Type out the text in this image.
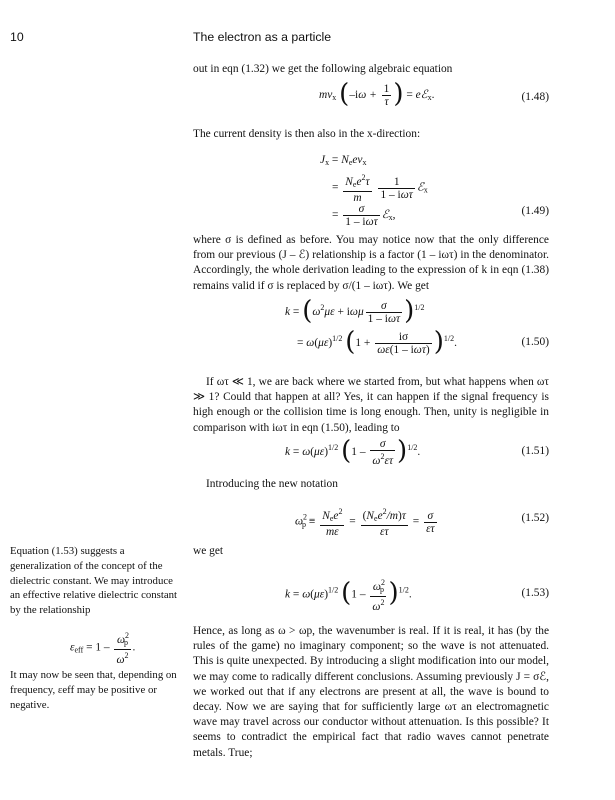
10	The electron as a particle

out in eqn (1.32) we get the following algebraic equation

mvx ($-i\omega + \frac{1}{\tau}$ ) = eℰx.	(1.48)

The current density is then also in the x-direction:

Jx = Neevx
= $\frac{Nee^2\tau}{m}$
$\frac{1}{\text{1 – iωτ}}$ ℰx
= $\frac{\sigma}{\text{1 – iωτ}}$ ℰx,	(1.49)

where σ is defined as before. You may notice now that the only difference from our previous (J – ℰ) relationship is a factor (1 – iωτ) in the denominator. Accordingly, the whole derivation leading to the expression of k in eqn (1.38) remains valid if σ is replaced by σ/(1 – iωτ). We get

$k = (\omega^2\mu\varepsilon + i\omega\mu \frac{\sigma}{\text{1 – iωτ}} )^{1/2}$
= $\omega(\mu\varepsilon)^{1/2}$ $(1 + \frac{i\sigma}{\text{ωε(1 – iωτ)}} )^{1/2}$.	(1.50)

If ωτ ≪ 1, we are back where we started from, but what happens when ωτ ≫ 1? Could that happen at all? Yes, it can happen if the signal frequency is high enough or the collision time is long enough. Then, unity is negligible in comparison with iωτ in eqn (1.50), leading to

$k = \omega(\mu\varepsilon)^{1/2}$ $(1 - \frac{\sigma}{\omega^2\varepsilon\tau} )^{1/2}$.	(1.51)

Introducing the new notation

$\omega^2p \equiv \frac{Nee^2}{m\varepsilon} = \frac{(Nee^2/m)\tau}{\varepsilon\tau} = \frac{\sigma}{\varepsilon\tau}$	(1.52)

we get

$k = \omega(\mu\varepsilon)^{1/2}$ $(1 - \frac{\omega^2p}{\omega^2} )^{1/2}$.	(1.53)

Hence, as long as ω > ωp, the wavenumber is real. If it is real, it has (by the rules of the game) no imaginary component; so the wave is not attenuated. This is quite unexpected. By introducing a slight modification into our model, we may come to radically different conclusions. Assuming previously J = σℰ, we worked out that if any electrons are present at all, the wave is bound to decay. Now we are saying that for sufficiently large ωτ an electromagnetic wave may travel across our conductor without attenuation. Is this possible? It seems to contradict the empirical fact that radio waves cannot penetrate metals. True;

Equation (1.53) suggests a generalization of the concept of the dielectric constant. We may introduce an effective relative dielectric constant by the relationship

$\varepsilon eff = 1 - \frac{\omega^2p}{\omega^2}$ .

It may now be seen that, depending on frequency, εeff may be positive or negative.
